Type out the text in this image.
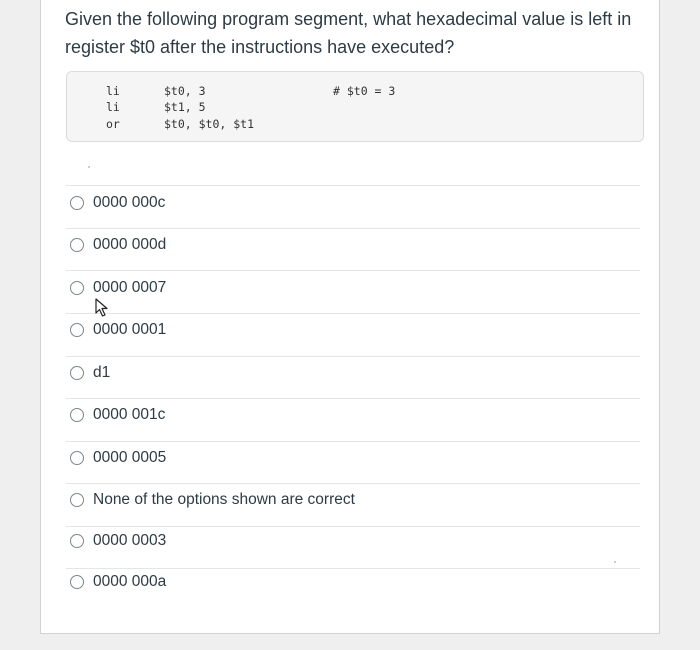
Given the following program segment, what hexadecimal value is left in
register $t0 after the instructions have executed?
li	$t0, 3	# $t0 = 3
li	$t1, 5
or	$t0, $t0, $t1
0000 000c
0000 000d
0000 0007
0000 0001
d1
0000 001c
0000 0005
None of the options shown are correct
0000 0003
0000 000a
